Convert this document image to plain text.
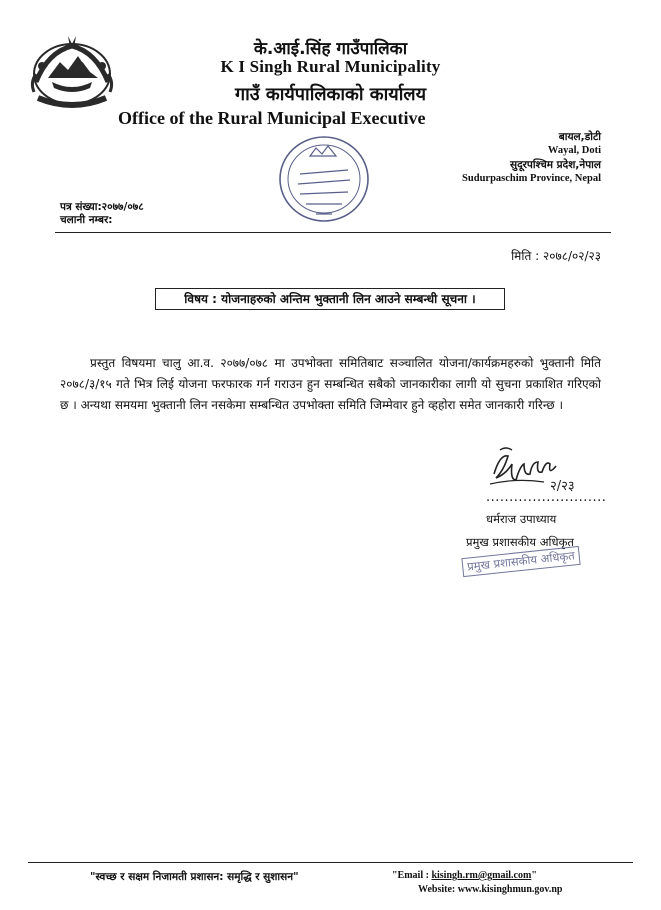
के.आई.सिंह गाउँपालिका
K I Singh Rural Municipality
गाउँ कार्यपालिकाको कार्यालय
Office of the Rural Municipal Executive
बायल,डोटी
Wayal, Doti
सुदूरपश्चिम प्रदेश,नेपाल
Sudurpaschim Province, Nepal
पत्र संख्या:२०७७/०७८
चलानी नम्बर:
मिति : २०७८/०२/२३
विषय : योजनाहरुको अन्तिम भुक्तानी लिन आउने सम्बन्धी सूचना ।
प्रस्तुत विषयमा चालु आ.व. २०७७/०७८ मा उपभोक्ता समितिबाट सञ्चालित योजना/कार्यक्रमहरुको भुक्तानी मिति २०७८/३/१५ गते भित्र लिई योजना फरफारक गर्न गराउन हुन सम्बन्धित सबैको जानकारीका लागी यो सुचना प्रकाशित गरिएको छ । अन्यथा समयमा भुक्तानी लिन नसकेमा सम्बन्धित उपभोक्ता समिति जिम्मेवार हुने व्हहोरा समेत जानकारी गरिन्छ ।
२/२३
..........................
धर्मराज उपाध्याय
प्रमुख प्रशासकीय अधिकृत
प्रमुख प्रशासकीय अधिकृत
"स्वच्छ र सक्षम निजामती प्रशासन: समृद्धि र सुशासन"	"Email : kisingh.rm@gmail.com"
Website: www.kisinghmun.gov.np
